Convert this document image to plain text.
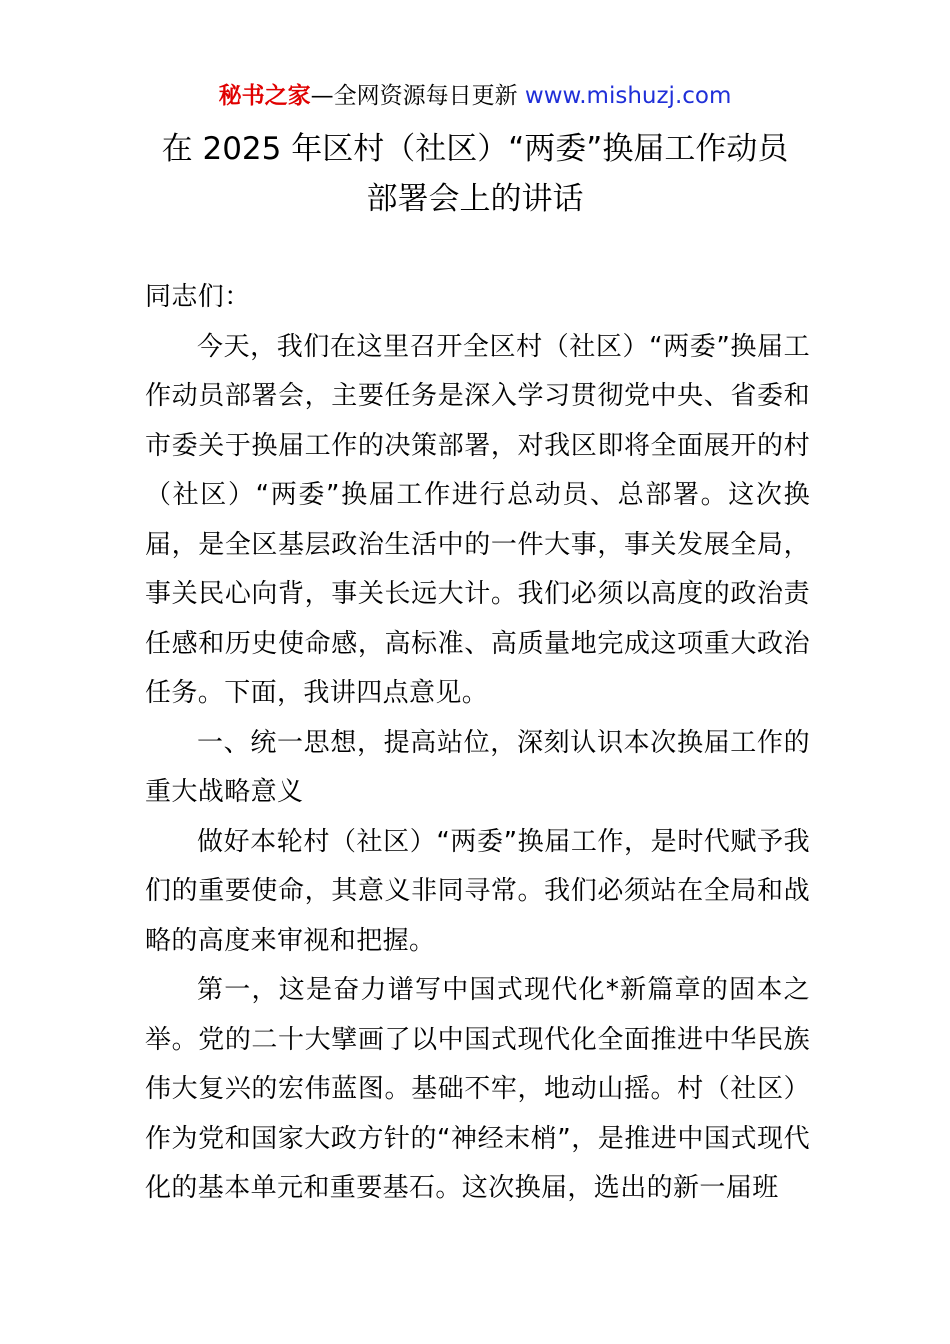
秘书之家—全网资源每日更新 www.mishuzj.com
在 2025 年区村（社区）“两委”换届工作动员
部署会上的讲话

同志们：

今天，我们在这里召开全区村（社区）“两委”换届工作动员部署会，主要任务是深入学习贯彻党中央、省委和市委关于换届工作的决策部署，对我区即将全面展开的村（社区）“两委”换届工作进行总动员、总部署。这次换届，是全区基层政治生活中的一件大事，事关发展全局，事关民心向背，事关长远大计。我们必须以高度的政治责任感和历史使命感，高标准、高质量地完成这项重大政治任务。下面，我讲四点意见。

一、统一思想，提高站位，深刻认识本次换届工作的重大战略意义

做好本轮村（社区）“两委”换届工作，是时代赋予我们的重要使命，其意义非同寻常。我们必须站在全局和战略的高度来审视和把握。

第一，这是奋力谱写中国式现代化*新篇章的固本之举。党的二十大擘画了以中国式现代化全面推进中华民族伟大复兴的宏伟蓝图。基础不牢，地动山摇。村（社区）作为党和国家大政方针的“神经末梢”，是推进中国式现代化的基本单元和重要基石。这次换届，选出的新一届班
